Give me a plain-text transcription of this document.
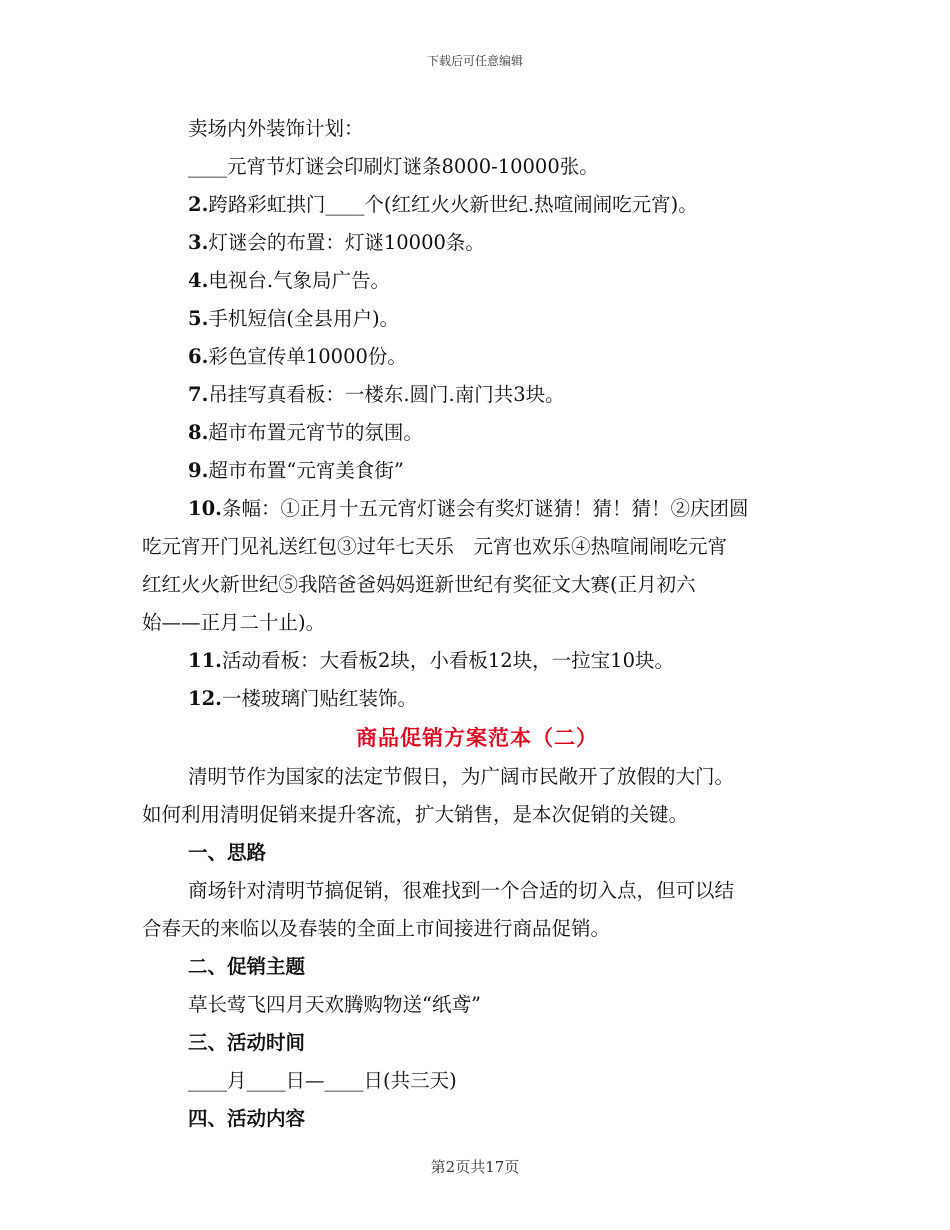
下载后可任意编辑

卖场内外装饰计划：

____元宵节灯谜会印刷灯谜条8000-10000张。

2.跨路彩虹拱门____个(红红火火新世纪.热喧闹闹吃元宵)。

3.灯谜会的布置：灯谜10000条。

4.电视台.气象局广告。

5.手机短信(全县用户)。

6.彩色宣传单10000份。

7.吊挂写真看板：一楼东.圆门.南门共3块。

8.超市布置元宵节的氛围。

9.超市布置“元宵美食街”

10.条幅：①正月十五元宵灯谜会有奖灯谜猜！猜！猜！②庆团圆

吃元宵开门见礼送红包③过年七天乐　元宵也欢乐④热喧闹闹吃元宵

红红火火新世纪⑤我陪爸爸妈妈逛新世纪有奖征文大赛(正月初六

始——正月二十止)。

11.活动看板：大看板2块，小看板12块，一拉宝10块。

12.一楼玻璃门贴红装饰。

商品促销方案范本（二）

清明节作为国家的法定节假日，为广阔市民敞开了放假的大门。

如何利用清明促销来提升客流，扩大销售，是本次促销的关键。

一、思路

商场针对清明节搞促销，很难找到一个合适的切入点，但可以结

合春天的来临以及春装的全面上市间接进行商品促销。

二、促销主题

草长莺飞四月天欢腾购物送“纸鸢”

三、活动时间

____月____日—____日(共三天)

四、活动内容

第2页共17页
